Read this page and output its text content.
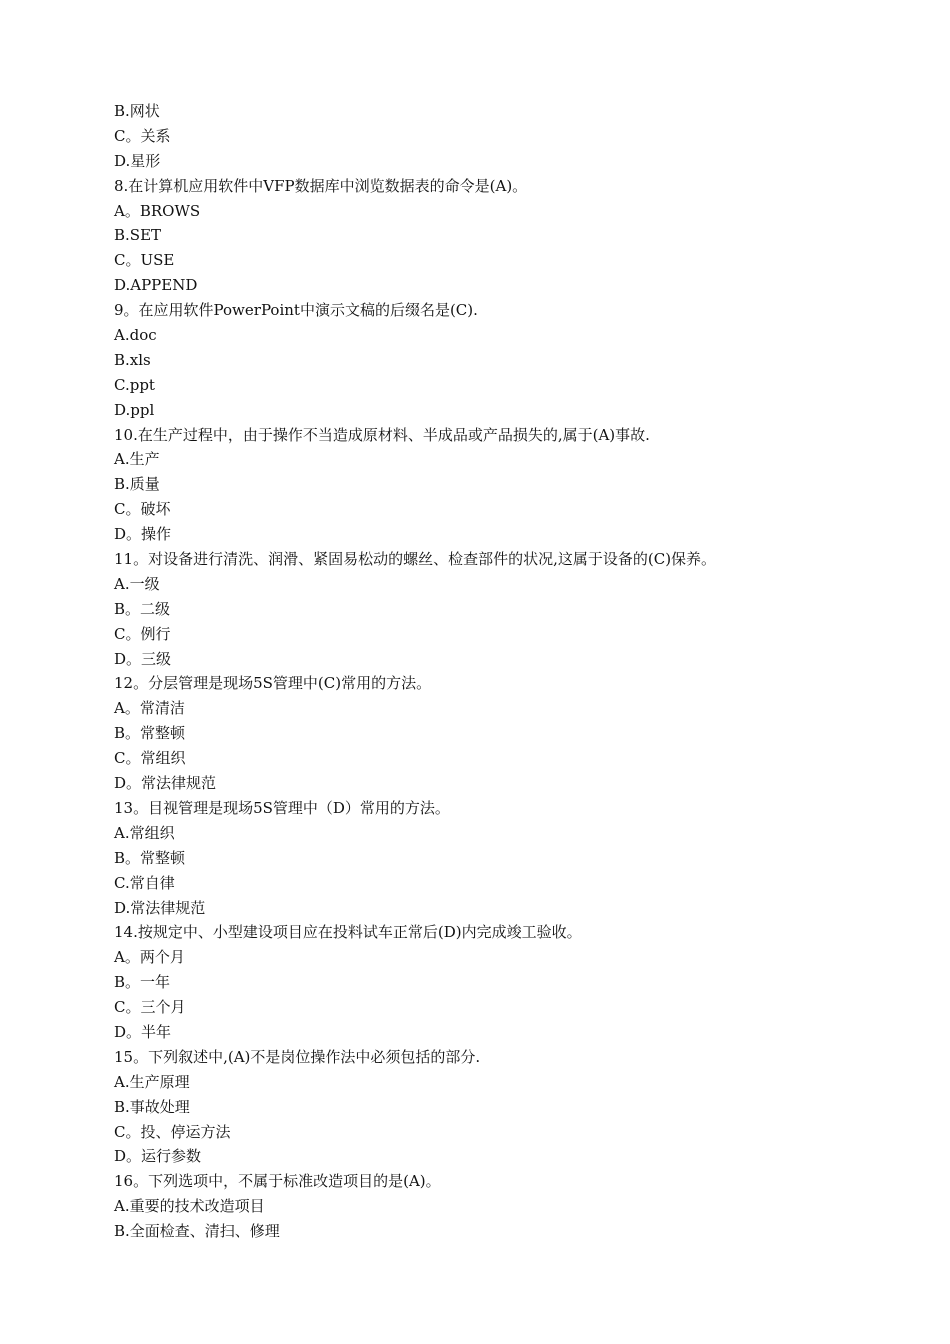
B.网状
C。关系
D.星形
8.在计算机应用软件中VFP数据库中浏览数据表的命令是(A)。
A。BROWS
B.SET
C。USE
D.APPEND
9。在应用软件PowerPoint中演示文稿的后缀名是(C).
A.doc
B.xls
C.ppt
D.ppl
10.在生产过程中，由于操作不当造成原材料、半成品或产品损失的,属于(A)事故.
A.生产
B.质量
C。破坏
D。操作
11。对设备进行清洗、润滑、紧固易松动的螺丝、检查部件的状况,这属于设备的(C)保养。
A.一级
B。二级
C。例行
D。三级
12。分层管理是现场5S管理中(C)常用的方法。
A。常清洁
B。常整顿
C。常组织
D。常法律规范
13。目视管理是现场5S管理中（D）常用的方法。
A.常组织
B。常整顿
C.常自律
D.常法律规范
14.按规定中、小型建设项目应在投料试车正常后(D)内完成竣工验收。
A。两个月
B。一年
C。三个月
D。半年
15。下列叙述中,(A)不是岗位操作法中必须包括的部分.
A.生产原理
B.事故处理
C。投、停运方法
D。运行参数
16。下列选项中，不属于标准改造项目的是(A)。
A.重要的技术改造项目
B.全面检查、清扫、修理
